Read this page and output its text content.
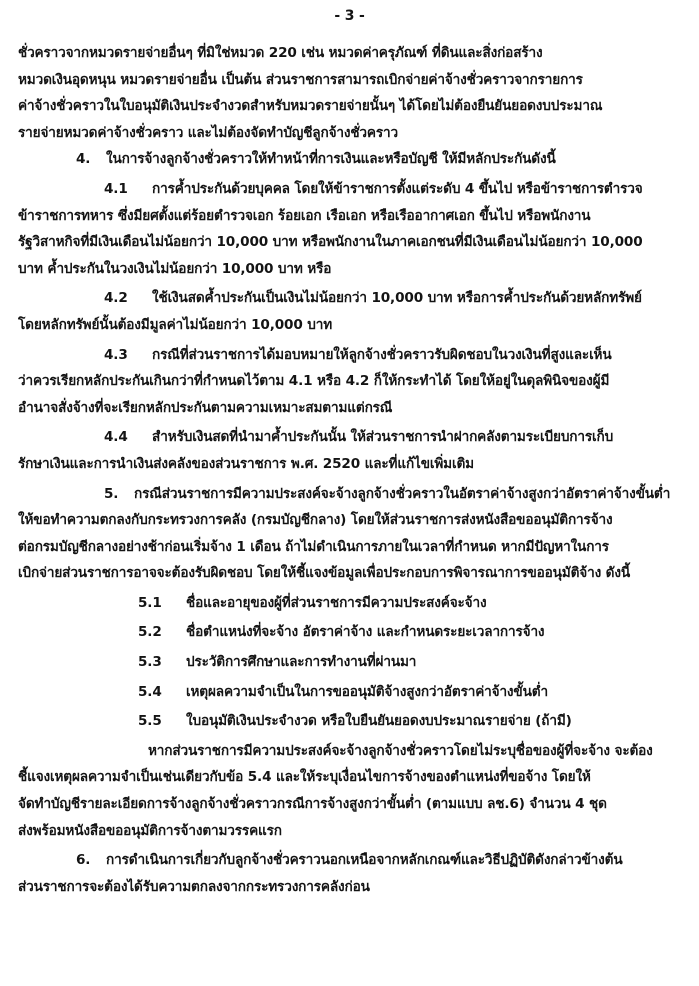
- 3 -
ชั่วคราวจากหมวดรายจ่ายอื่นๆ ที่มิใช่หมวด 220 เช่น หมวดค่าครุภัณฑ์ ที่ดินและสิ่งก่อสร้าง
หมวดเงินอุดหนุน หมวดรายจ่ายอื่น เป็นต้น ส่วนราชการสามารถเบิกจ่ายค่าจ้างชั่วคราวจากรายการ
ค่าจ้างชั่วคราวในใบอนุมัติเงินประจำงวดสำหรับหมวดรายจ่ายนั้นๆ ได้โดยไม่ต้องยืนยันยอดงบประมาณ
รายจ่ายหมวดค่าจ้างชั่วคราว และไม่ต้องจัดทำบัญชีลูกจ้างชั่วคราว
4. ในการจ้างลูกจ้างชั่วคราวให้ทำหน้าที่การเงินและหรือบัญชี ให้มีหลักประกันดังนี้
4.1 การค้ำประกันด้วยบุคคล โดยให้ข้าราชการตั้งแต่ระดับ 4 ขึ้นไป หรือข้าราชการตำรวจ
ข้าราชการทหาร ซึ่งมียศตั้งแต่ร้อยตำรวจเอก ร้อยเอก เรือเอก หรือเรืออากาศเอก ขึ้นไป หรือพนักงาน
รัฐวิสาหกิจที่มีเงินเดือนไม่น้อยกว่า 10,000 บาท หรือพนักงานในภาคเอกชนที่มีเงินเดือนไม่น้อยกว่า 10,000
บาท ค้ำประกันในวงเงินไม่น้อยกว่า 10,000 บาท หรือ
4.2 ใช้เงินสดค้ำประกันเป็นเงินไม่น้อยกว่า 10,000 บาท หรือการค้ำประกันด้วยหลักทรัพย์
โดยหลักทรัพย์นั้นต้องมีมูลค่าไม่น้อยกว่า 10,000 บาท
4.3 กรณีที่ส่วนราชการได้มอบหมายให้ลูกจ้างชั่วคราวรับผิดชอบในวงเงินที่สูงและเห็น
ว่าควรเรียกหลักประกันเกินกว่าที่กำหนดไว้ตาม 4.1 หรือ 4.2 ก็ให้กระทำได้ โดยให้อยู่ในดุลพินิจของผู้มี
อำนาจสั่งจ้างที่จะเรียกหลักประกันตามความเหมาะสมตามแต่กรณี
4.4 สำหรับเงินสดที่นำมาค้ำประกันนั้น ให้ส่วนราชการนำฝากคลังตามระเบียบการเก็บ
รักษาเงินและการนำเงินส่งคลังของส่วนราชการ พ.ศ. 2520 และที่แก้ไขเพิ่มเติม
5. กรณีส่วนราชการมีความประสงค์จะจ้างลูกจ้างชั่วคราวในอัตราค่าจ้างสูงกว่าอัตราค่าจ้างขั้นต่ำ
ให้ขอทำความตกลงกับกระทรวงการคลัง (กรมบัญชีกลาง) โดยให้ส่วนราชการส่งหนังสือขออนุมัติการจ้าง
ต่อกรมบัญชีกลางอย่างช้าก่อนเริ่มจ้าง 1 เดือน ถ้าไม่ดำเนินการภายในเวลาที่กำหนด หากมีปัญหาในการ
เบิกจ่ายส่วนราชการอาจจะต้องรับผิดชอบ โดยให้ชี้แจงข้อมูลเพื่อประกอบการพิจารณาการขออนุมัติจ้าง ดังนี้
5.1 ชื่อและอายุของผู้ที่ส่วนราชการมีความประสงค์จะจ้าง
5.2 ชื่อตำแหน่งที่จะจ้าง อัตราค่าจ้าง และกำหนดระยะเวลาการจ้าง
5.3 ประวัติการศึกษาและการทำงานที่ผ่านมา
5.4 เหตุผลความจำเป็นในการขออนุมัติจ้างสูงกว่าอัตราค่าจ้างขั้นต่ำ
5.5 ใบอนุมัติเงินประจำงวด หรือใบยืนยันยอดงบประมาณรายจ่าย (ถ้ามี)
หากส่วนราชการมีความประสงค์จะจ้างลูกจ้างชั่วคราวโดยไม่ระบุชื่อของผู้ที่จะจ้าง จะต้อง
ชี้แจงเหตุผลความจำเป็นเช่นเดียวกับข้อ 5.4 และให้ระบุเงื่อนไขการจ้างของตำแหน่งที่ขอจ้าง โดยให้
จัดทำบัญชีรายละเอียดการจ้างลูกจ้างชั่วคราวกรณีการจ้างสูงกว่าขั้นต่ำ (ตามแบบ ลช.6) จำนวน 4 ชุด
ส่งพร้อมหนังสือขออนุมัติการจ้างตามวรรคแรก
6. การดำเนินการเกี่ยวกับลูกจ้างชั่วคราวนอกเหนือจากหลักเกณฑ์และวิธีปฏิบัติดังกล่าวข้างต้น
ส่วนราชการจะต้องได้รับความตกลงจากกระทรวงการคลังก่อน
